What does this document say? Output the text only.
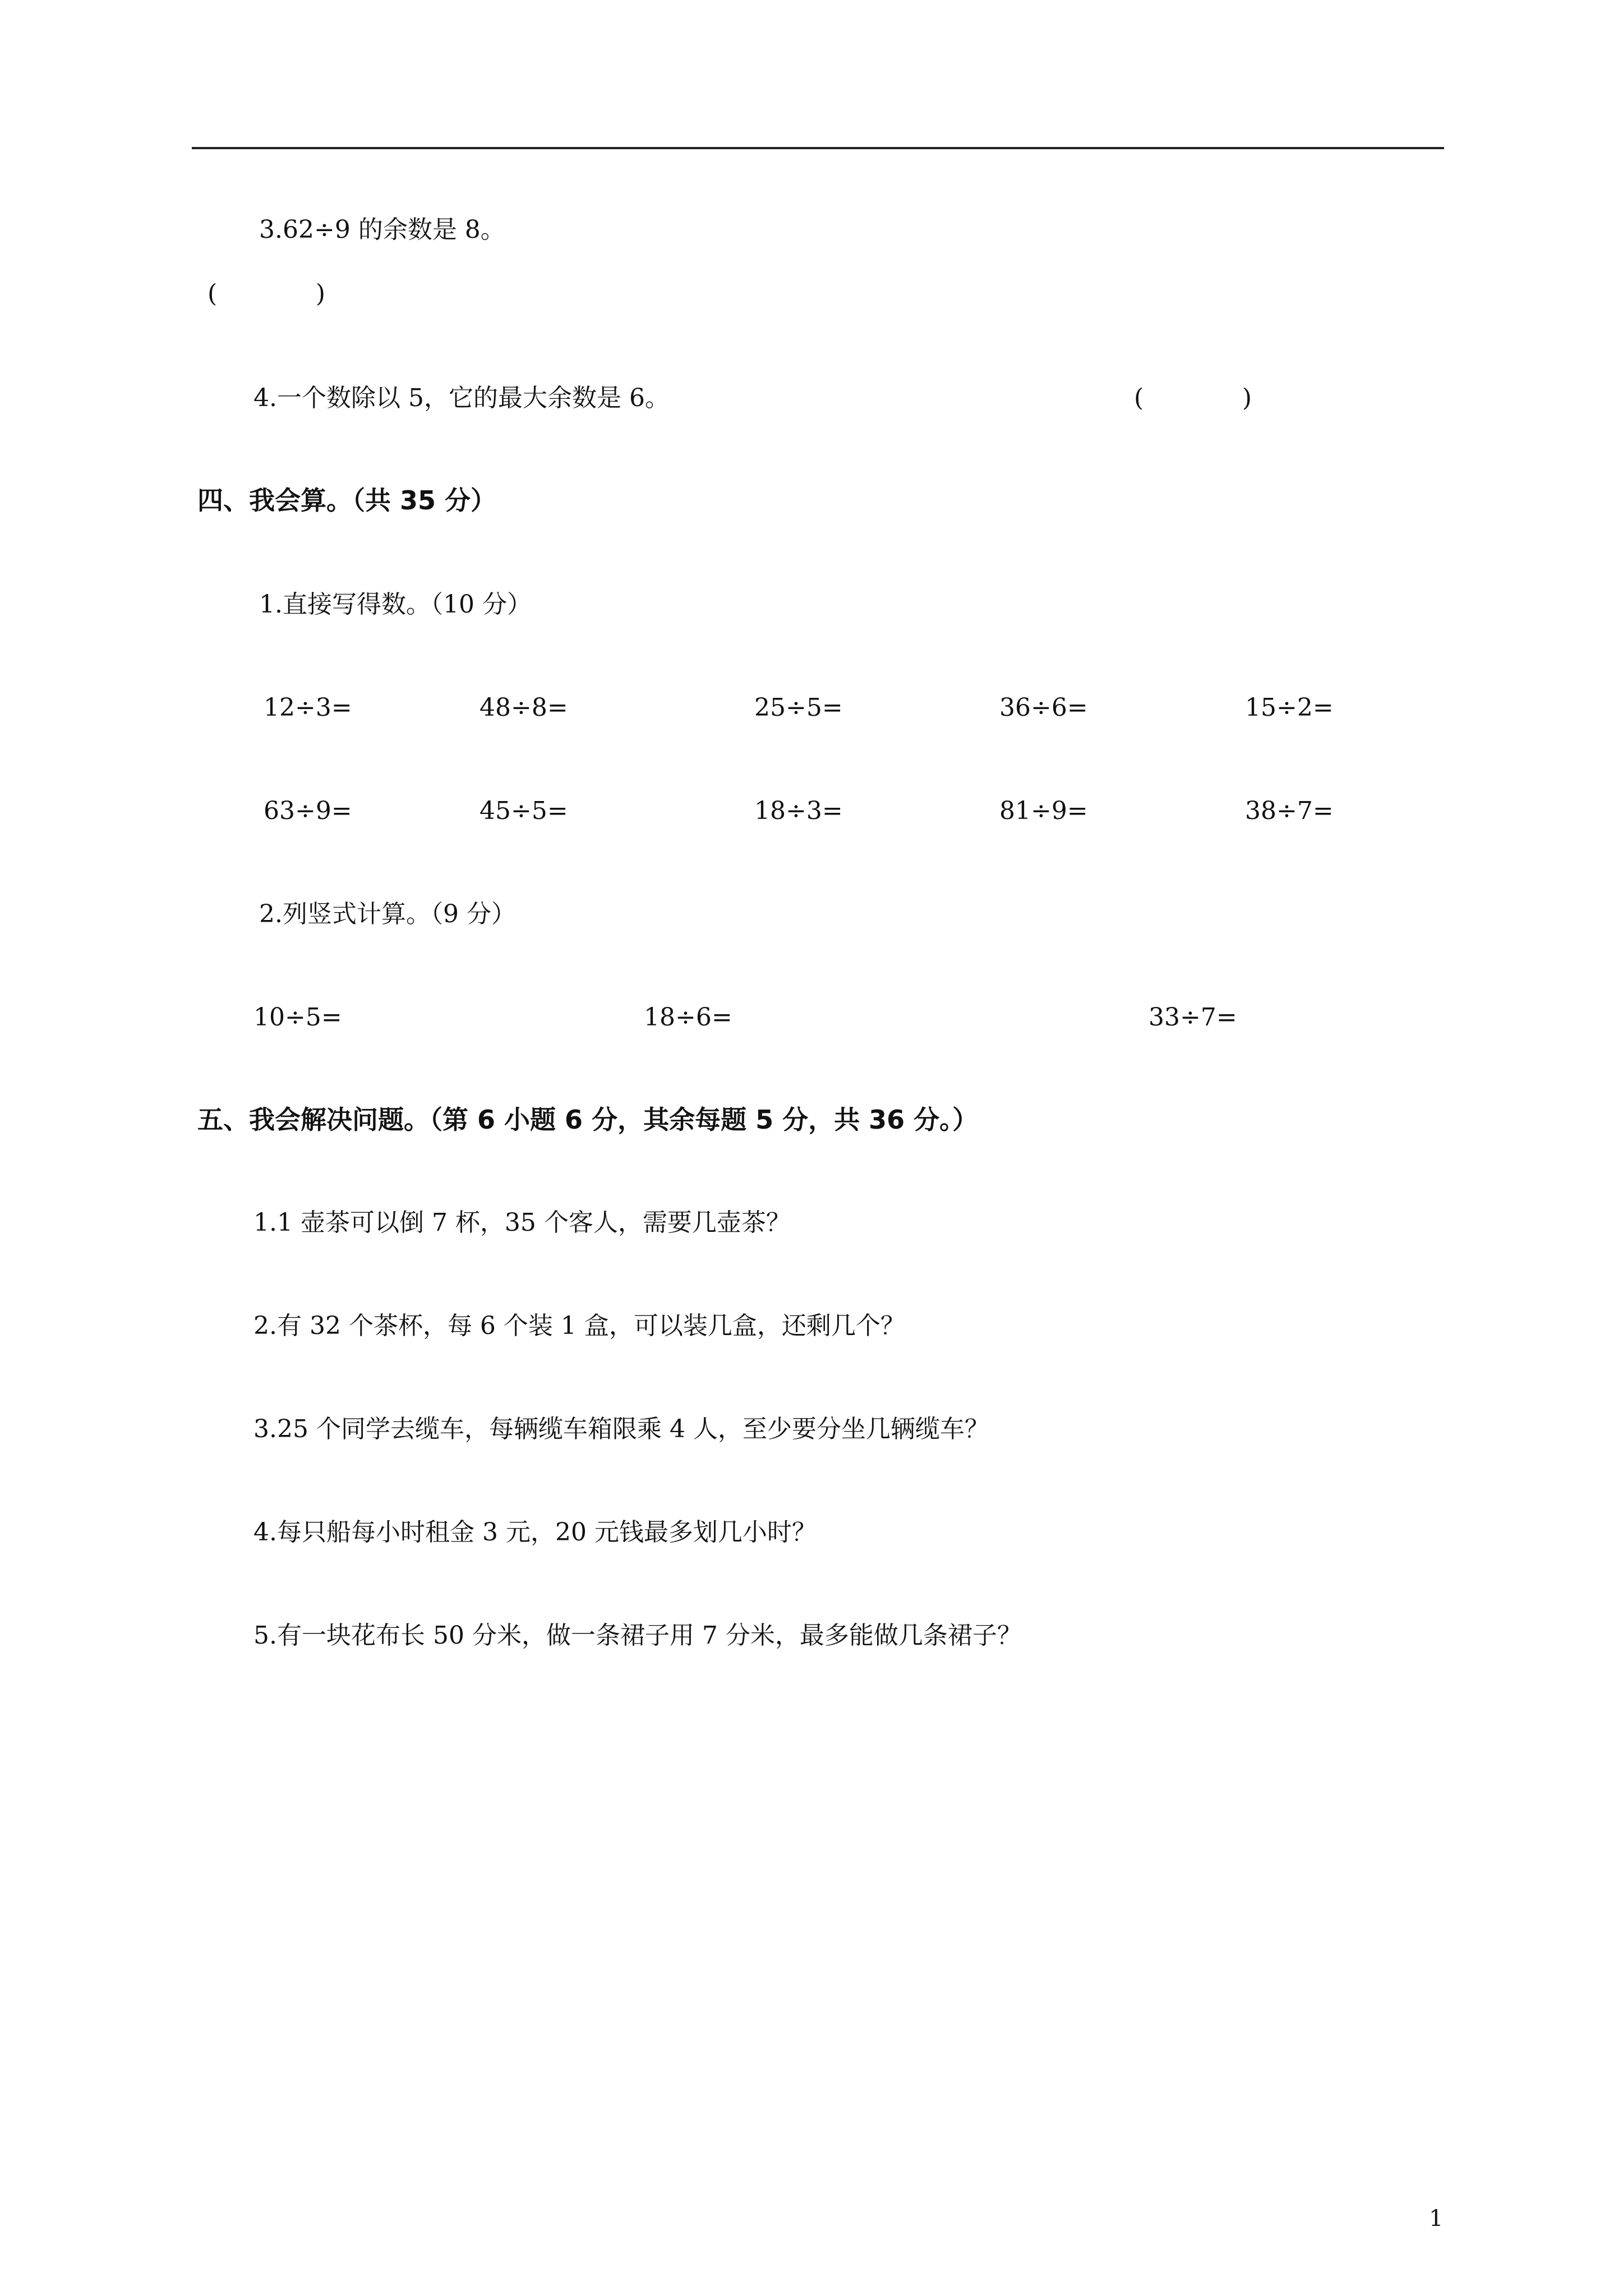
3.62÷9 的余数是 8。
(	)
4.一个数除以 5，它的最大余数是 6。	(	)
四、我会算。（共 35 分）
1.直接写得数。（10 分）
12÷3=	48÷8=	25÷5=	36÷6=	15÷2=
63÷9=	45÷5=	18÷3=	81÷9=	38÷7=
2.列竖式计算。（9 分）
10÷5=	18÷6=	33÷7=
五、我会解决问题。（第 6 小题 6 分，其余每题 5 分，共 36 分。）
1.1 壶茶可以倒 7 杯，35 个客人，需要几壶茶？
2.有 32 个茶杯，每 6 个装 1 盒，可以装几盒，还剩几个？
3.25 个同学去缆车，每辆缆车箱限乘 4 人，至少要分坐几辆缆车？
4.每只船每小时租金 3 元，20 元钱最多划几小时？
5.有一块花布长 50 分米，做一条裙子用 7 分米，最多能做几条裙子？
1
